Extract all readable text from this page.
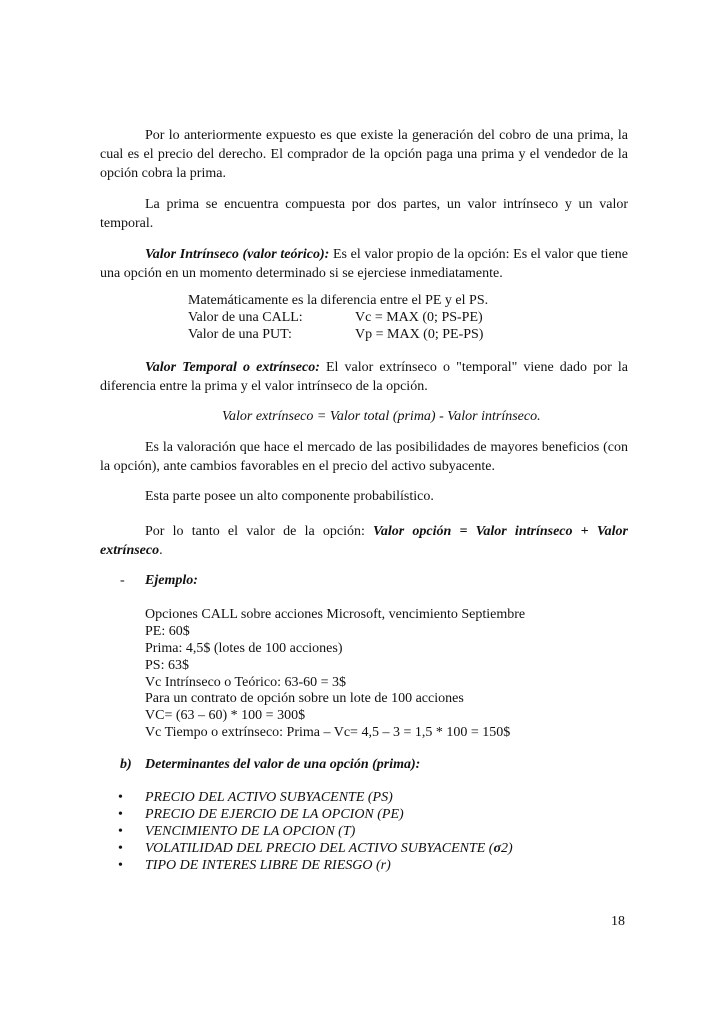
Por lo anteriormente expuesto es que existe la generación del cobro de una prima, la cual es el precio del derecho. El comprador de la opción paga una prima y el vendedor de la opción cobra la prima.

La prima se encuentra compuesta por dos partes, un valor intrínseco y un valor temporal.

Valor Intrínseco (valor teórico): Es el valor propio de la opción: Es el valor que tiene una opción en un momento determinado si se ejerciese inmediatamente.

Matemáticamente es la diferencia entre el PE y el PS.
Valor de una CALL:	Vc = MAX (0; PS-PE)
Valor de una PUT:	Vp = MAX (0; PE-PS)

Valor Temporal o extrínseco: El valor extrínseco o "temporal" viene dado por la diferencia entre la prima y el valor intrínseco de la opción.

Valor extrínseco = Valor total (prima) - Valor intrínseco.

Es la valoración que hace el mercado de las posibilidades de mayores beneficios (con la opción), ante cambios favorables en el precio del activo subyacente.

Esta parte posee un alto componente probabilístico.

Por lo tanto el valor de la opción: Valor opción = Valor intrínseco + Valor extrínseco.

- Ejemplo:
Opciones CALL sobre acciones Microsoft, vencimiento Septiembre
PE: 60$
Prima: 4,5$ (lotes de 100 acciones)
PS: 63$
Vc Intrínseco o Teórico: 63-60 = 3$
Para un contrato de opción sobre un lote de 100 acciones
VC= (63 – 60) * 100 = 300$
Vc Tiempo o extrínseco: Prima – Vc= 4,5 – 3 = 1,5 * 100 = 150$
b) Determinantes del valor de una opción (prima):
• PRECIO DEL ACTIVO SUBYACENTE (PS)
• PRECIO DE EJERCIO DE LA OPCION (PE)
• VENCIMIENTO DE LA OPCION (T)
• VOLATILIDAD DEL PRECIO DEL ACTIVO SUBYACENTE (σ2)
• TIPO DE INTERES LIBRE DE RIESGO (r)
18
